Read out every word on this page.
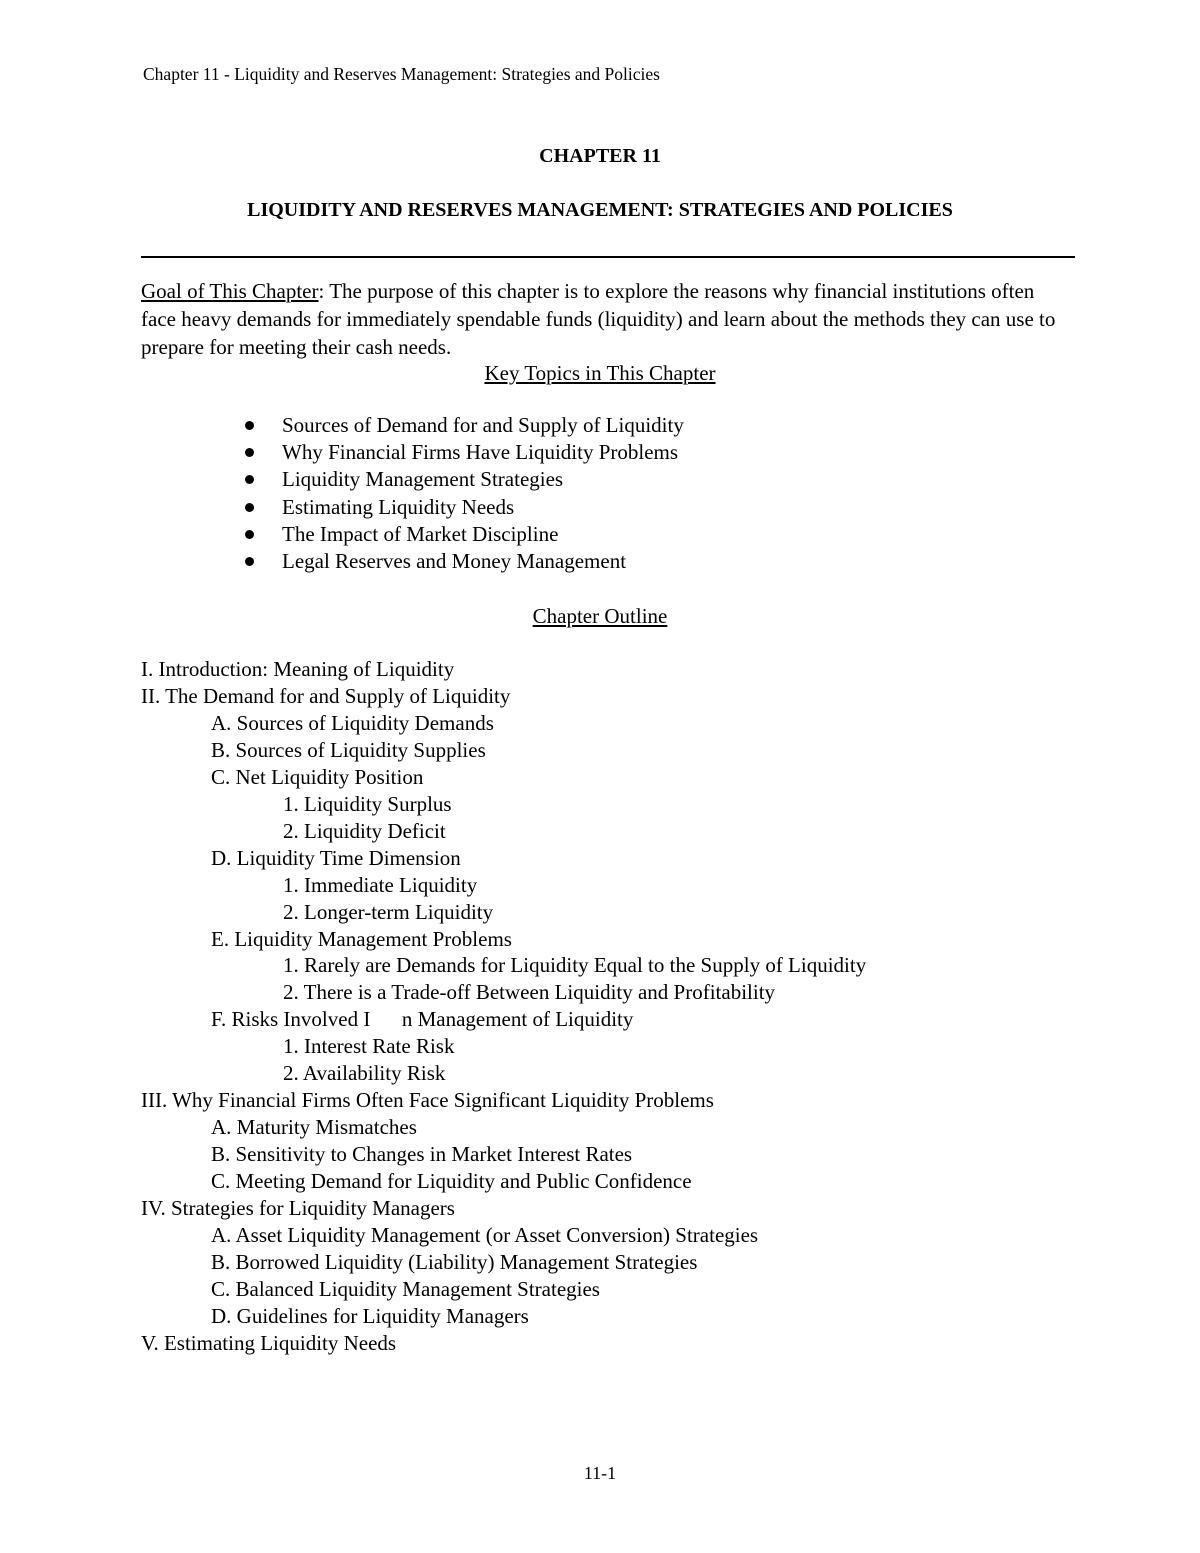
Chapter 11 - Liquidity and Reserves Management: Strategies and Policies
CHAPTER 11
LIQUIDITY AND RESERVES MANAGEMENT: STRATEGIES AND POLICIES

Goal of This Chapter: The purpose of this chapter is to explore the reasons why financial institutions often face heavy demands for immediately spendable funds (liquidity) and learn about the methods they can use to prepare for meeting their cash needs.

Key Topics in This Chapter
Sources of Demand for and Supply of Liquidity
Why Financial Firms Have Liquidity Problems
Liquidity Management Strategies
Estimating Liquidity Needs
The Impact of Market Discipline
Legal Reserves and Money Management
Chapter Outline
I. Introduction: Meaning of Liquidity
II. The Demand for and Supply of Liquidity
A. Sources of Liquidity Demands
B. Sources of Liquidity Supplies
C. Net Liquidity Position
1. Liquidity Surplus
2. Liquidity Deficit
D. Liquidity Time Dimension
1. Immediate Liquidity
2. Longer-term Liquidity
E. Liquidity Management Problems
1. Rarely are Demands for Liquidity Equal to the Supply of Liquidity
2. There is a Trade-off Between Liquidity and Profitability
F. Risks Involved I      n Management of Liquidity
1. Interest Rate Risk
2. Availability Risk
III. Why Financial Firms Often Face Significant Liquidity Problems
A. Maturity Mismatches
B. Sensitivity to Changes in Market Interest Rates
C. Meeting Demand for Liquidity and Public Confidence
IV. Strategies for Liquidity Managers
A. Asset Liquidity Management (or Asset Conversion) Strategies
B. Borrowed Liquidity (Liability) Management Strategies
C. Balanced Liquidity Management Strategies
D. Guidelines for Liquidity Managers
V. Estimating Liquidity Needs
11-1
